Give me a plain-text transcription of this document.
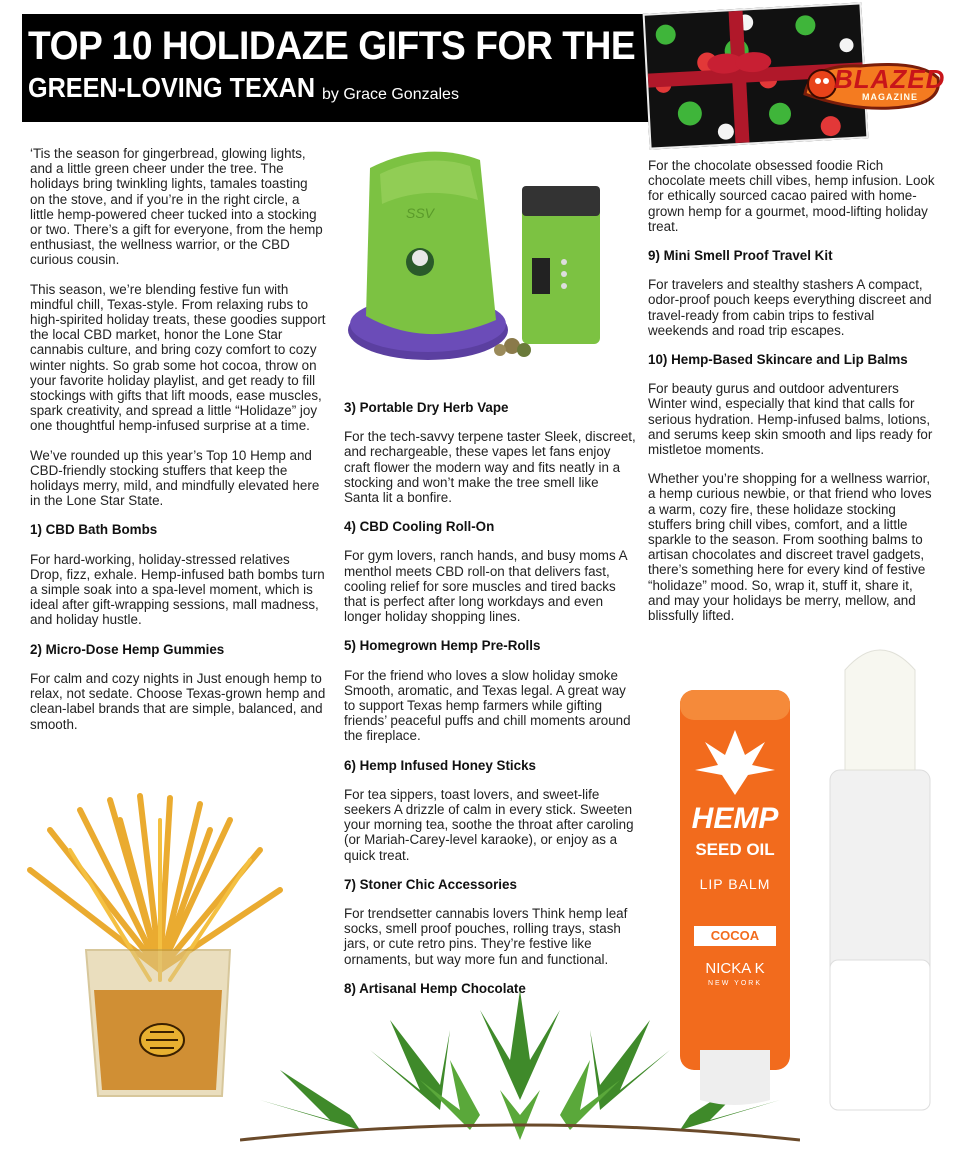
TOP 10 HOLIDAZE GIFTS FOR THE
GREEN-LOVING TEXAN by Grace Gonzales
BLAZED
MAGAZINE

‘Tis the season for gingerbread, glowing lights, and a little green cheer under the tree. The holidays bring twinkling lights, tamales toasting on the stove, and if you’re in the right circle, a little hemp-powered cheer tucked into a stocking or two. There’s a gift for everyone, from the hemp enthusiast, the wellness warrior, or the CBD curious cousin.

This season, we’re blending festive fun with mindful chill, Texas-style. From relaxing rubs to high-spirited holiday treats, these goodies support the local CBD market, honor the Lone Star cannabis culture, and bring cozy comfort to cozy winter nights. So grab some hot cocoa, throw on your favorite holiday playlist, and get ready to fill stockings with gifts that lift moods, ease muscles, spark creativity, and spread a little “Holidaze” joy one thoughtful hemp-infused surprise at a time.

We’ve rounded up this year’s Top 10 Hemp and CBD-friendly stocking stuffers that keep the holidays merry, mild, and mindfully elevated here in the Lone Star State.

1) CBD Bath Bombs

For hard-working, holiday-stressed relatives Drop, fizz, exhale. Hemp-infused bath bombs turn a simple soak into a spa-level moment, which is ideal after gift-wrapping sessions, mall madness, and holiday hustle.

2) Micro-Dose Hemp Gummies

For calm and cozy nights in Just enough hemp to relax, not sedate. Choose Texas-grown hemp and clean-label brands that are simple, balanced, and smooth.

SSV
3) Portable Dry Herb Vape

For the tech-savvy terpene taster Sleek, discreet, and rechargeable, these vapes let fans enjoy craft flower the modern way and fits neatly in a stocking and won’t make the tree smell like Santa lit a bonfire.

4) CBD Cooling Roll-On

For gym lovers, ranch hands, and busy moms A menthol meets CBD roll-on that delivers fast, cooling relief for sore muscles and tired backs that is perfect after long workdays and even longer holiday shopping lines.

5) Homegrown Hemp Pre-Rolls

For the friend who loves a slow holiday smoke Smooth, aromatic, and Texas legal. A great way to support Texas hemp farmers while gifting friends’ peaceful puffs and chill moments around the fireplace.

6) Hemp Infused Honey Sticks

For tea sippers, toast lovers, and sweet-life seekers A drizzle of calm in every stick. Sweeten your morning tea, soothe the throat after caroling (or Mariah-Carey-level karaoke), or enjoy as a quick treat.

7) Stoner Chic Accessories

For trendsetter cannabis lovers Think hemp leaf socks, smell proof pouches, rolling trays, stash jars, or cute retro pins. They’re festive like ornaments, but way more fun and functional.

8) Artisanal Hemp Chocolate

For the chocolate obsessed foodie Rich chocolate meets chill vibes, hemp infusion. Look for ethically sourced cacao paired with home-grown hemp for a gourmet, mood-lifting holiday treat.

9) Mini Smell Proof Travel Kit

For travelers and stealthy stashers A compact, odor-proof pouch keeps everything discreet and travel-ready from cabin trips to festival weekends and road trip escapes.

10) Hemp-Based Skincare and Lip Balms

For beauty gurus and outdoor adventurers Winter wind, especially that kind that calls for serious hydration. Hemp-infused balms, lotions, and serums keep skin smooth and lips ready for mistletoe moments.

Whether you’re shopping for a wellness warrior, a hemp curious newbie, or that friend who loves a warm, cozy fire, these holidaze stocking stuffers bring chill vibes, comfort, and a little sparkle to the season. From soothing balms to artisan chocolates and discreet travel gadgets, there’s something here for every kind of festive “holidaze” mood. So, wrap it, stuff it, share it, and may your holidays be merry, mellow, and blissfully lifted.

HEMP
SEED OIL
LIP BALM
COCOA
NICKA K
NEW YORK
